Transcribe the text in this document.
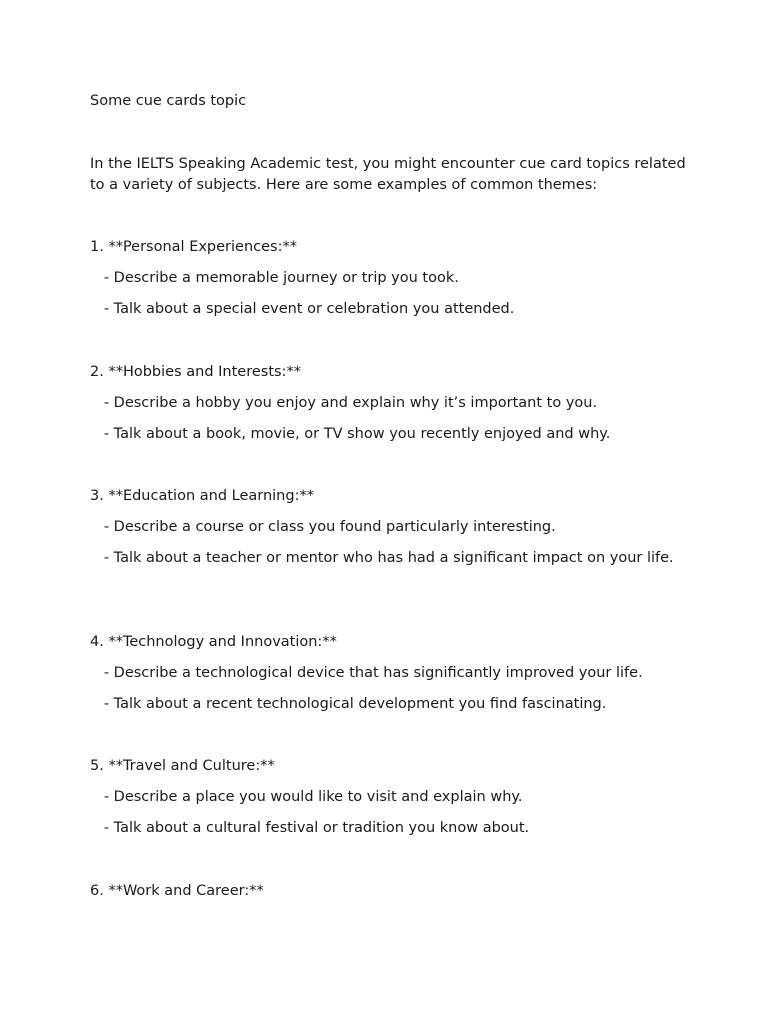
Some cue cards topic

In the IELTS Speaking Academic test, you might encounter cue card topics related to a variety of subjects. Here are some examples of common themes:

1. **Personal Experiences:**

- Describe a memorable journey or trip you took.

- Talk about a special event or celebration you attended.

2. **Hobbies and Interests:**

- Describe a hobby you enjoy and explain why it’s important to you.

- Talk about a book, movie, or TV show you recently enjoyed and why.

3. **Education and Learning:**

- Describe a course or class you found particularly interesting.

- Talk about a teacher or mentor who has had a significant impact on your life.

4. **Technology and Innovation:**

- Describe a technological device that has significantly improved your life.

- Talk about a recent technological development you find fascinating.

5. **Travel and Culture:**

- Describe a place you would like to visit and explain why.

- Talk about a cultural festival or tradition you know about.

6. **Work and Career:**
